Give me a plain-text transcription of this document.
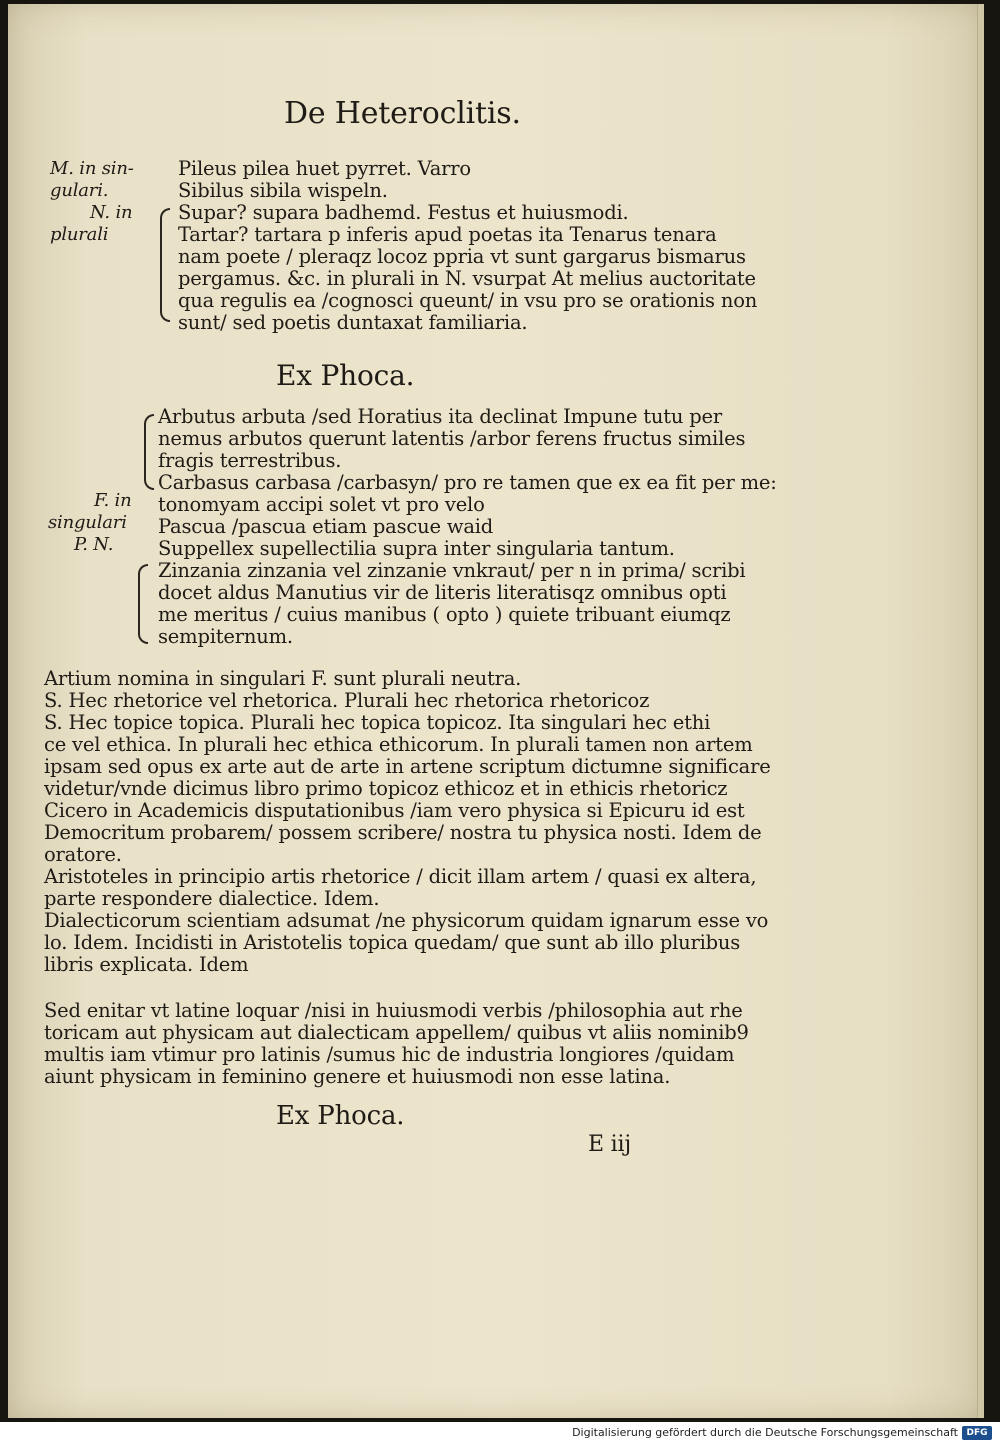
De Heteroclitis.
M. in sin-
gulari.
N. in
plurali
Pileus pilea huet pyrret. Varro
Sibilus sibila wispeln.
Supar? supara badhemd. Festus et huiusmodi.
Tartar? tartara p inferis apud poetas ita Tenarus tenara
nam poete / pleraqz locoz ppria vt sunt gargarus bismarus
pergamus. &c. in plurali in N. vsurpat At melius auctoritate
qua regulis ea /cognosci queunt/ in vsu pro se orationis non
sunt/ sed poetis duntaxat familiaria.
Ex Phoca.
F. in
singulari
P. N.
Arbutus arbuta /sed Horatius ita declinat Impune tutu per
nemus arbutos querunt latentis /arbor ferens fructus similes
fragis terrestribus.
Carbasus carbasa /carbasyn/ pro re tamen que ex ea fit per me:
tonomyam accipi solet vt pro velo
Pascua /pascua etiam pascue waid
Suppellex supellectilia supra inter singularia tantum.
Zinzania zinzania vel zinzanie vnkraut/ per n in prima/ scribi
docet aldus Manutius vir de literis literatisqz omnibus opti
me meritus / cuius manibus ( opto ) quiete tribuant eiumqz
sempiternum.
Artium nomina in singulari F. sunt plurali neutra.
S. Hec rhetorice vel rhetorica. Plurali hec rhetorica rhetoricoz
S. Hec topice topica. Plurali hec topica topicoz. Ita singulari hec ethi
ce vel ethica. In plurali hec ethica ethicorum. In plurali tamen non artem
ipsam sed opus ex arte aut de arte in artene scriptum dictumne significare
videtur/vnde dicimus libro primo topicoz ethicoz et in ethicis rhetoricz
Cicero in Academicis disputationibus /iam vero physica si Epicuru id est
Democritum probarem/ possem scribere/ nostra tu physica nosti. Idem de
oratore.
Aristoteles in principio artis rhetorice / dicit illam artem / quasi ex altera,
parte respondere dialectice. Idem.
Dialecticorum scientiam adsumat /ne physicorum quidam ignarum esse vo
lo. Idem. Incidisti in Aristotelis topica quedam/ que sunt ab illo pluribus
libris explicata. Idem
Sed enitar vt latine loquar /nisi in huiusmodi verbis /philosophia aut rhe
toricam aut physicam aut dialecticam appellem/ quibus vt aliis nominib9
multis iam vtimur pro latinis /sumus hic de industria longiores /quidam
aiunt physicam in feminino genere et huiusmodi non esse latina.
Ex Phoca.
E iij
Digitalisierung gefördert durch die Deutsche Forschungsgemeinschaft DFG
